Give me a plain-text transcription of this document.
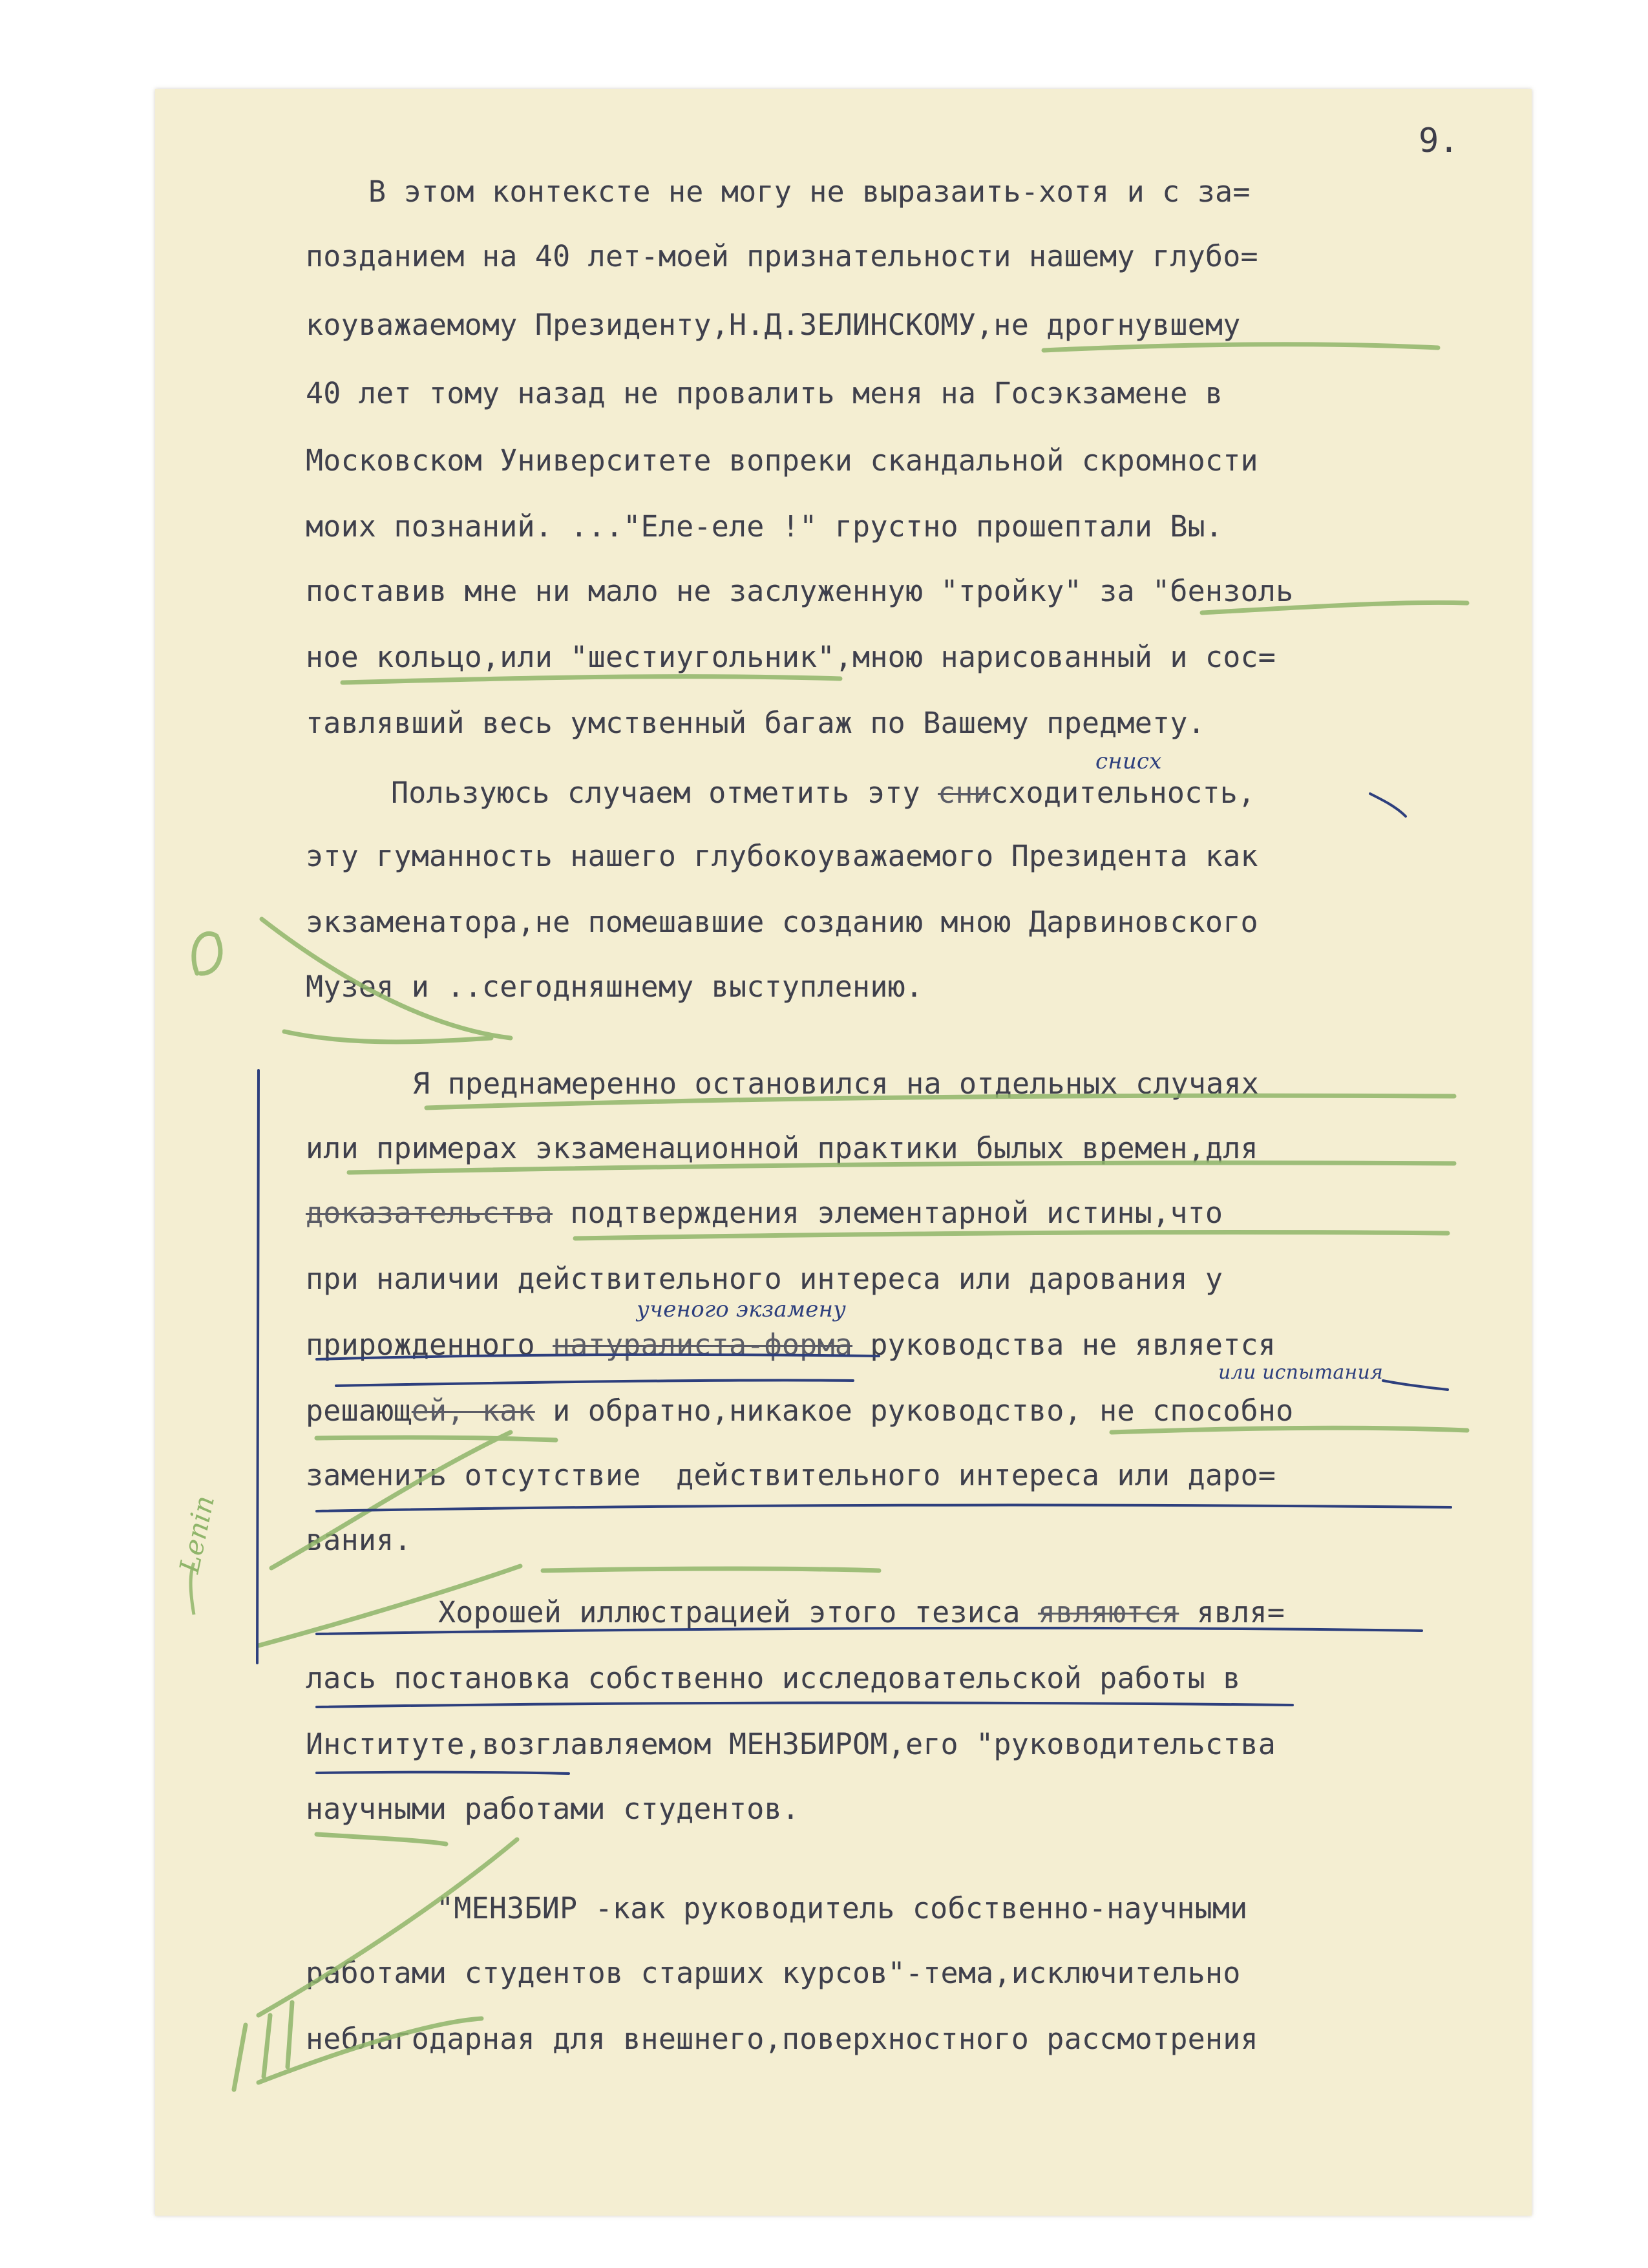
9.
В этом контексте не могу не выразаить-хотя и с за=
позданием на 40 лет-моей признательности нашему глубо=
коуважаемому Президенту,Н.Д.ЗЕЛИНСКОМУ,не дрогнувшему
40 лет тому назад не провалить меня на Госэкзамене в
Московском Университете вопреки скандальной скромности
моих познаний. ..."Еле-еле !" грустно прошептали Вы.
поставив мне ни мало не заслуженную "тройку" за "бензоль
ное кольцо,или "шестиугольник",мною нарисованный и сос=
тавлявший весь умственный багаж по Вашему предмету.
Пользуюсь случаем отметить эту снисходительность,
снисх
эту гуманность нашего глубокоуважаемого Президента как
экзаменатора,не помешавшие созданию мною Дарвиновского
Музея и ..сегодняшнему выступлению.
Я преднамеренно остановился на отдельных случаях
или примерах экзаменационной практики былых времен,для
доказательства подтверждения элементарной истины,что
при наличии действительного интереса или дарования у
ученого экзамену
прирожденного натуралиста-форма руководства не является
или испытания
решающей, как и обратно,никакое руководство, не способно
заменить отсутствие  действительного интереса или даро=
вания.
Хорошей иллюстрацией этого тезиса являются явля=
лась постановка собственно исследовательской работы в
Институте,возглавляемом МЕНЗБИРОМ,его "руководительства
научными работами студентов.
"МЕНЗБИР -как руководитель собственно-научными
работами студентов старших курсов"-тема,исключительно
неблагодарная для внешнего,поверхностного рассмотрения
Lenin
